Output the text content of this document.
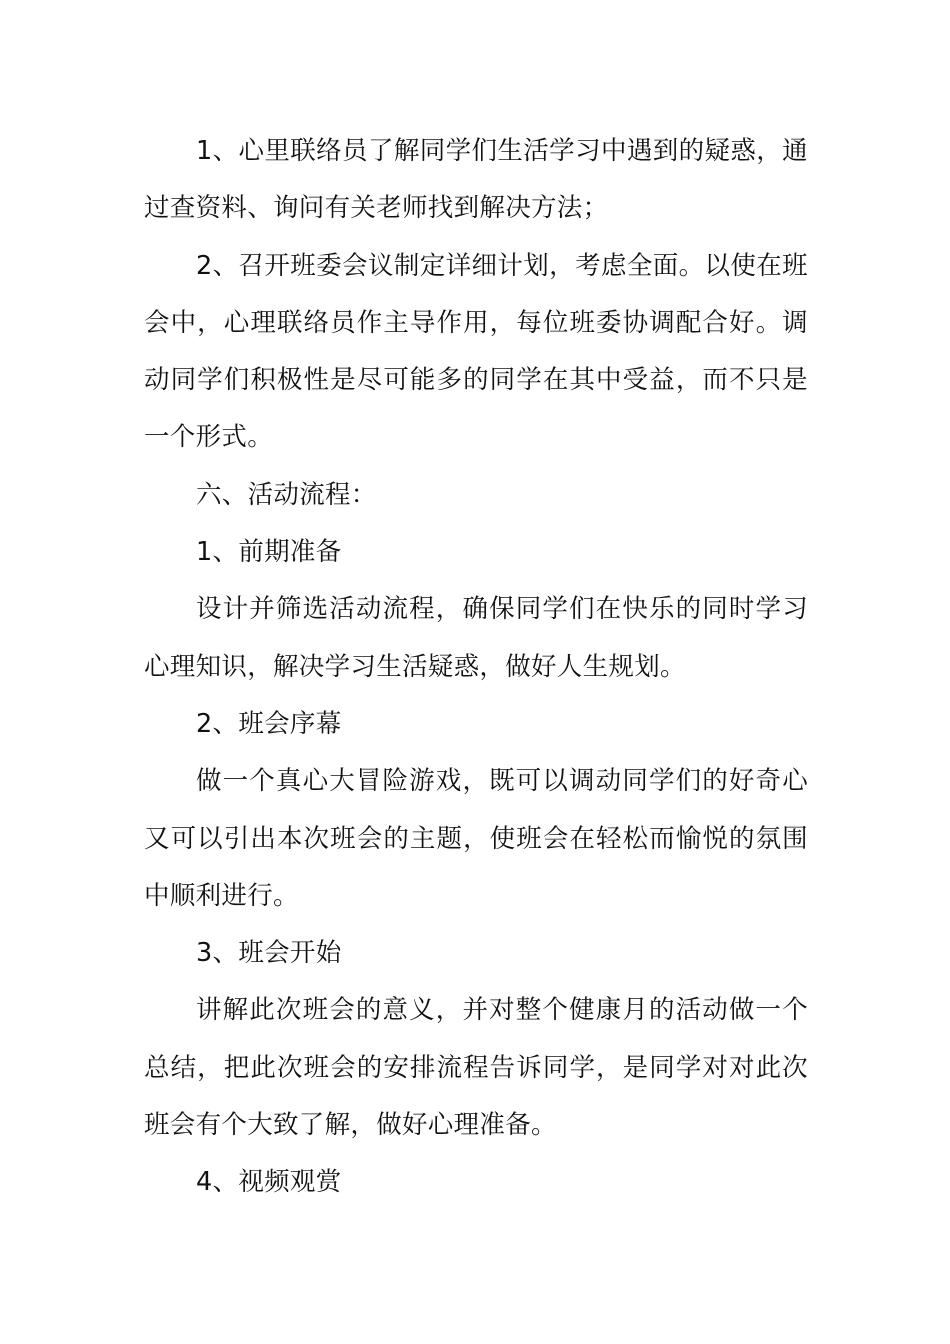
1、心里联络员了解同学们生活学习中遇到的疑惑，通过查资料、询问有关老师找到解决方法；

2、召开班委会议制定详细计划，考虑全面。以使在班会中，心理联络员作主导作用，每位班委协调配合好。调动同学们积极性是尽可能多的同学在其中受益，而不只是一个形式。

六、活动流程：

1、前期准备

设计并筛选活动流程，确保同学们在快乐的同时学习心理知识，解决学习生活疑惑，做好人生规划。

2、班会序幕

做一个真心大冒险游戏，既可以调动同学们的好奇心又可以引出本次班会的主题，使班会在轻松而愉悦的氛围中顺利进行。

3、班会开始

讲解此次班会的意义，并对整个健康月的活动做一个总结，把此次班会的安排流程告诉同学，是同学对对此次班会有个大致了解，做好心理准备。

4、视频观赏
